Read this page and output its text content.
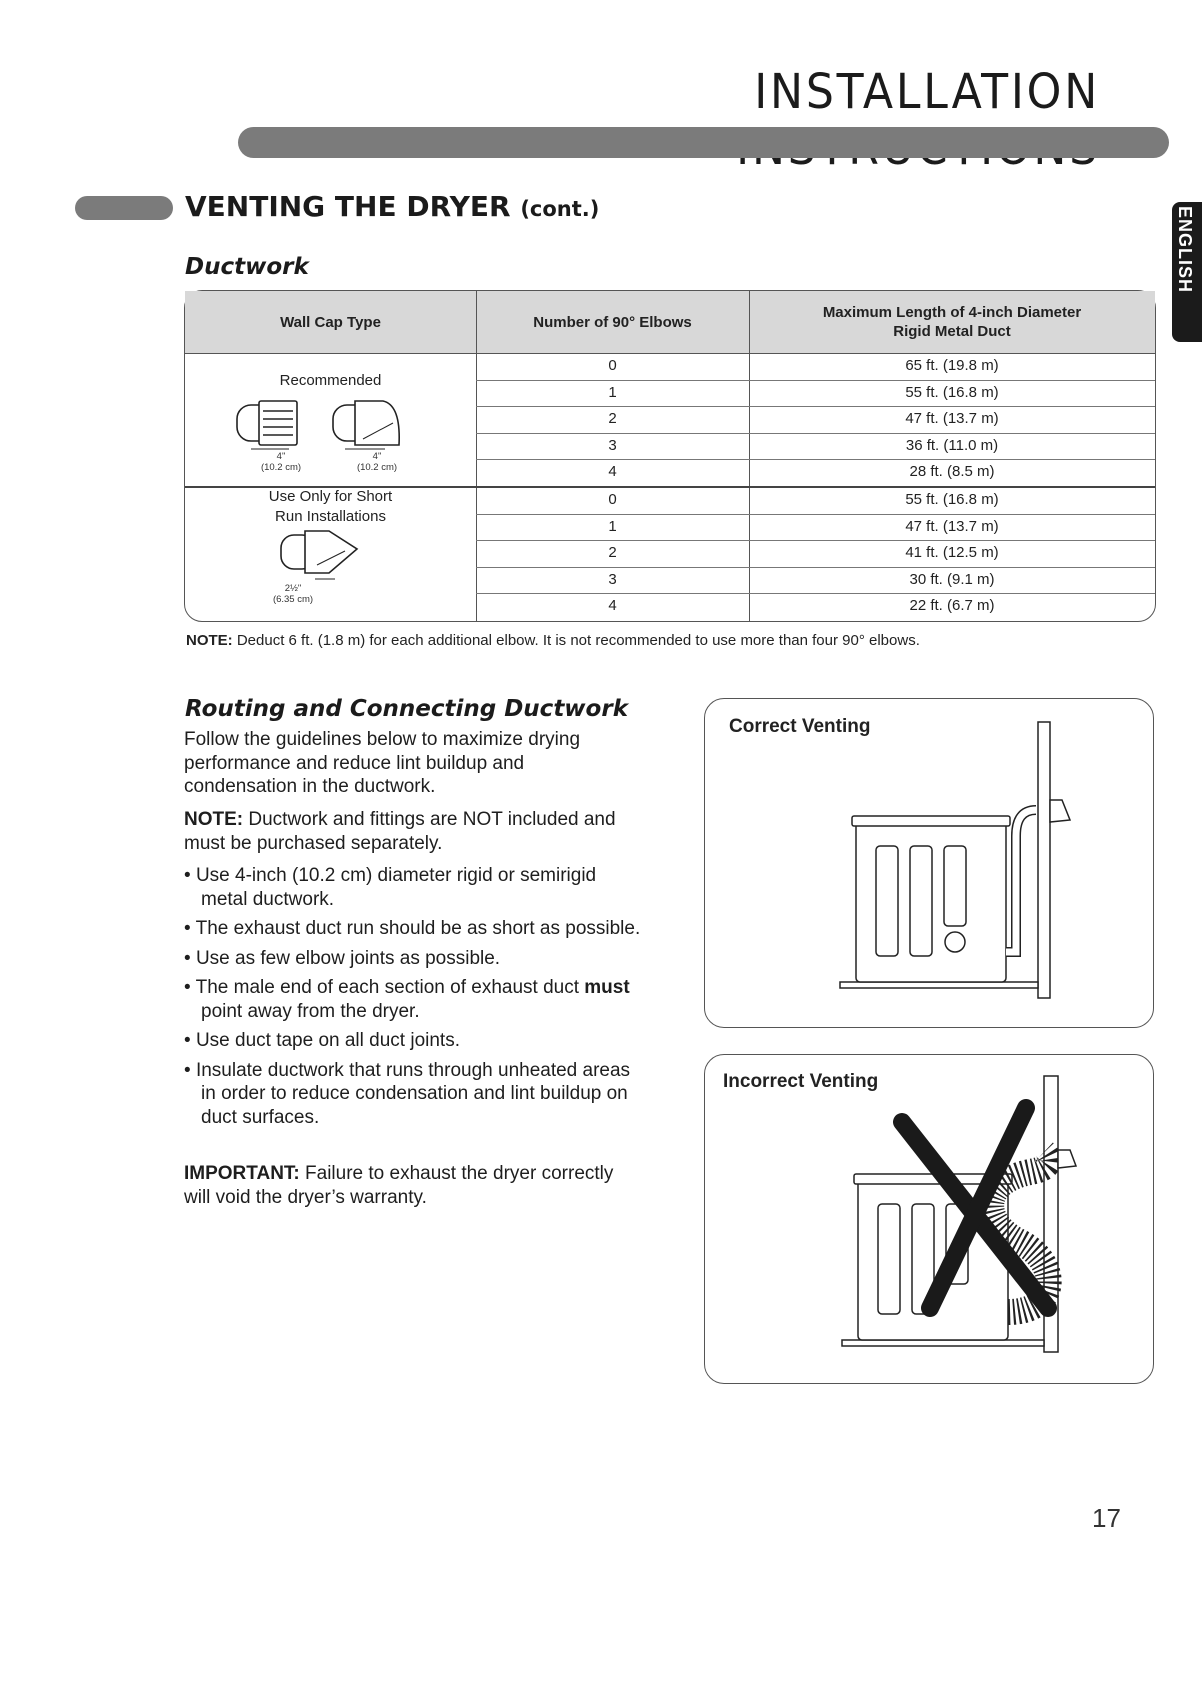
INSTALLATION
ENGLISH
VENTING THE DRYER (cont.)
Ductwork
Wall Cap Type	Number of 90° Elbows
Maximum Length of 4-inch Diameter
Rigid Metal Duct
Recommended
4"
(10.2 cm)
4"
(10.2 cm)
Use Only for Short
Run Installations
2½"
(6.35 cm)
0	65 ft. (19.8 m)
1	55 ft. (16.8 m)
2	47 ft. (13.7 m)
3	36 ft. (11.0 m)
4	28 ft. (8.5 m)
0	55 ft. (16.8 m)
1	47 ft. (13.7 m)
2	41 ft. (12.5 m)
3	30 ft. (9.1 m)
4	22 ft. (6.7 m)
NOTE: Deduct 6 ft. (1.8 m) for each additional elbow. It is not recommended to use more than four 90° elbows.
Routing and Connecting Ductwork
Follow the guidelines below to maximize drying performance and reduce lint buildup and condensation in the ductwork.
NOTE: Ductwork and fittings are NOT included and must be purchased separately.
• Use 4-inch (10.2 cm) diameter rigid or semirigid metal ductwork.
• The exhaust duct run should be as short as possible.
• Use as few elbow joints as possible.
• The male end of each section of exhaust duct must point away from the dryer.
• Use duct tape on all duct joints.
• Insulate ductwork that runs through unheated areas in order to reduce condensation and lint buildup on duct surfaces.
IMPORTANT: Failure to exhaust the dryer correctly will void the dryer’s warranty.
Correct Venting
Incorrect Venting
17
